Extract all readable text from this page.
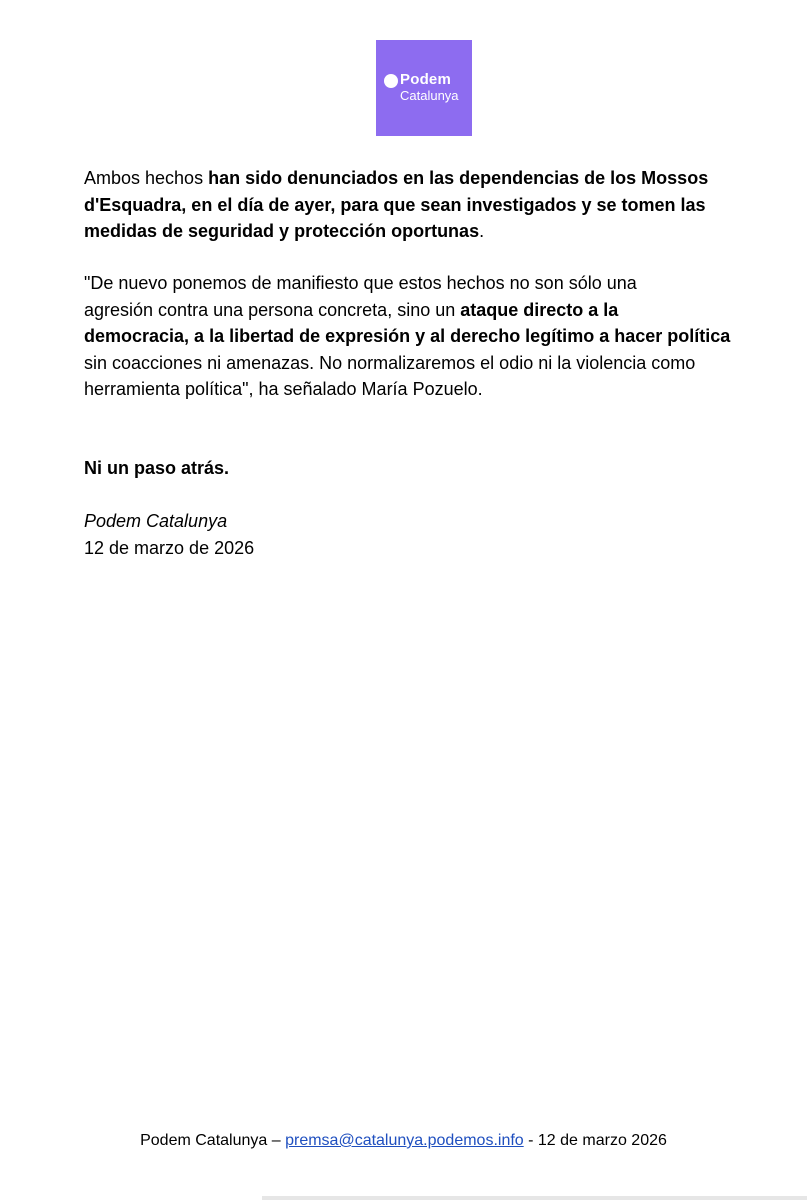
Podem
Catalunya
Ambos hechos han sido denunciados en las dependencias de los Mossos
d'Esquadra, en el día de ayer, para que sean investigados y se tomen las
medidas de seguridad y protección oportunas.
"De nuevo ponemos de manifiesto que estos hechos no son sólo una
agresión contra una persona concreta, sino un ataque directo a la
democracia, a la libertad de expresión y al derecho legítimo a hacer política
sin coacciones ni amenazas. No normalizaremos el odio ni la violencia como
herramienta política", ha señalado María Pozuelo.
Ni un paso atrás.
Podem Catalunya
12 de marzo de 2026
Podem Catalunya – premsa@catalunya.podemos.info - 12 de marzo 2026
